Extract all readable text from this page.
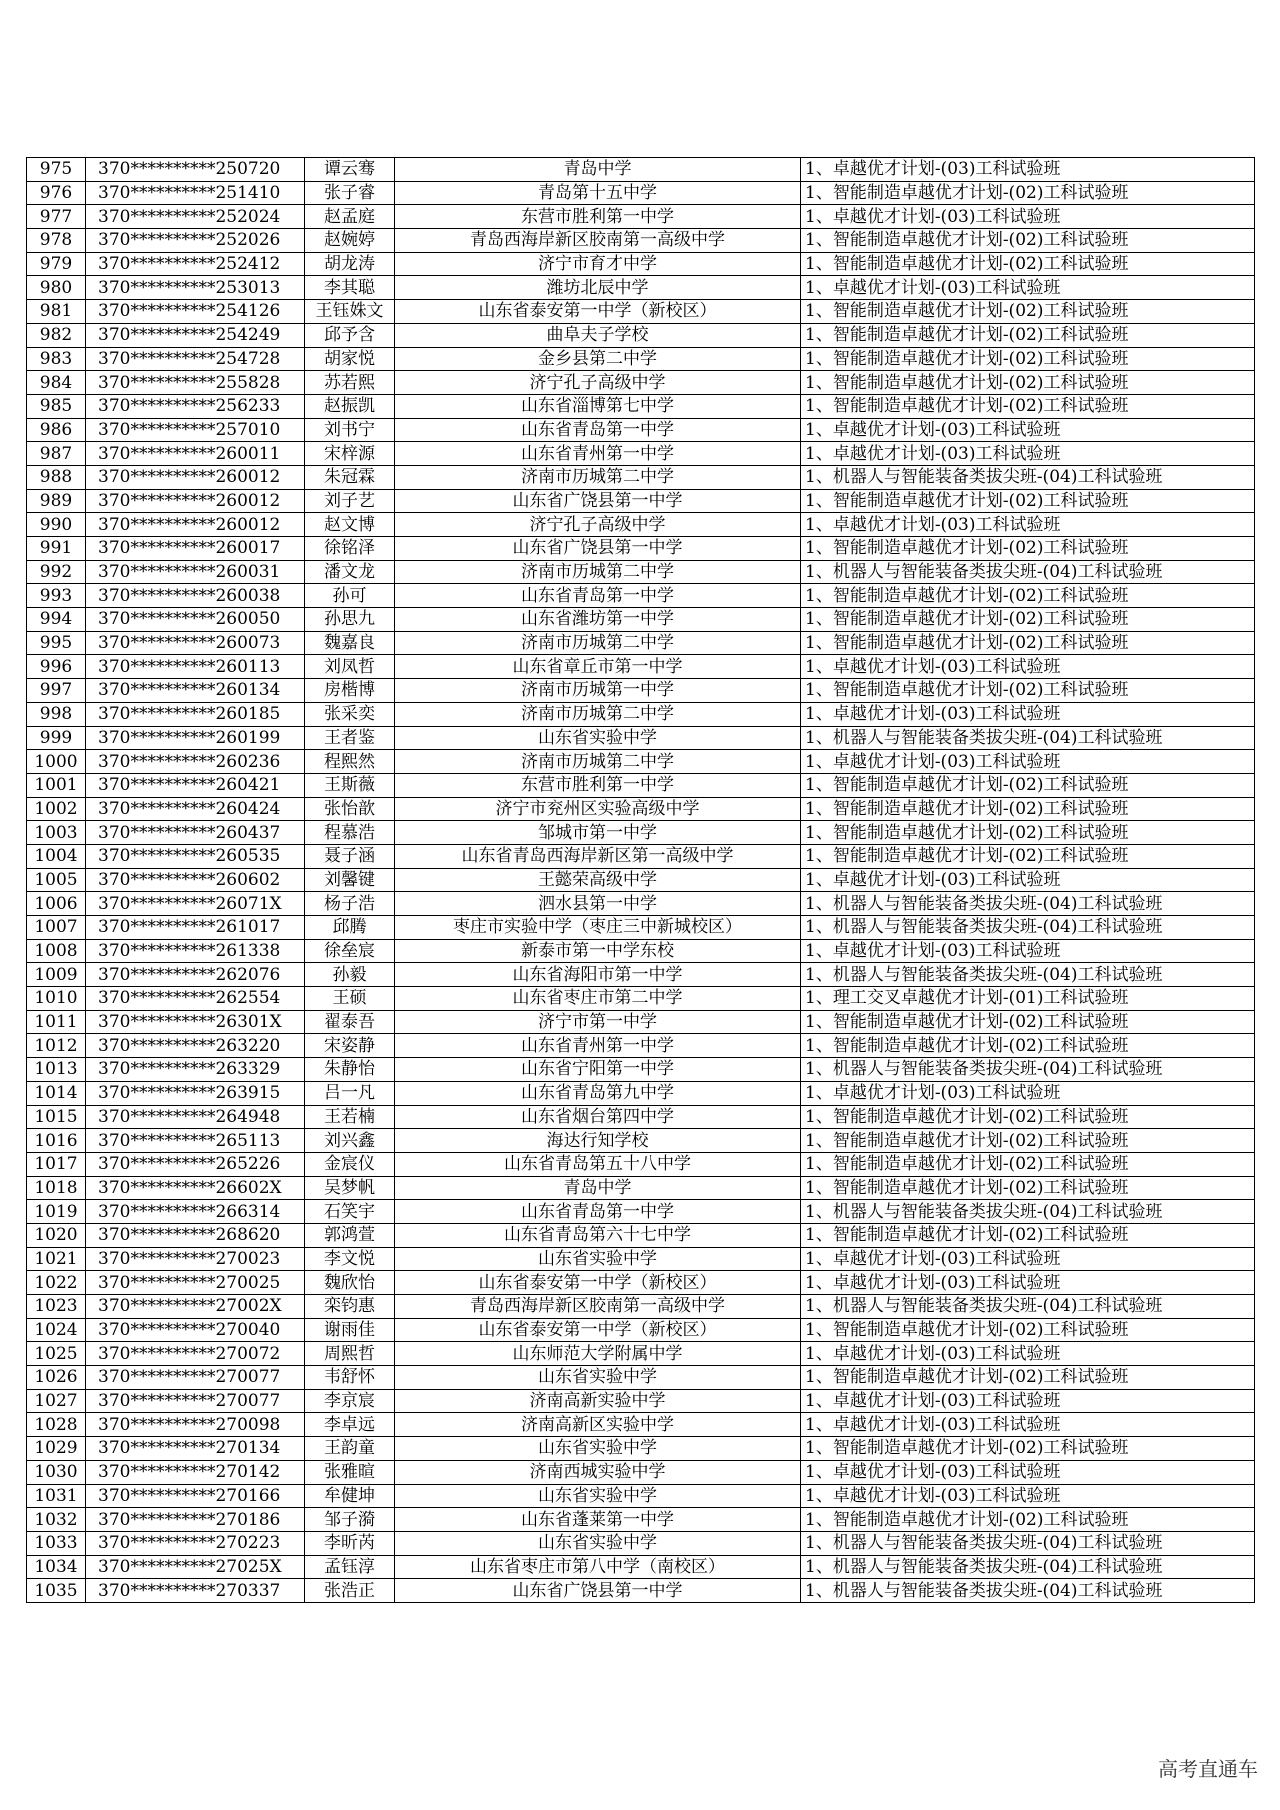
975	370**********250720	谭云骞	青岛中学	1、卓越优才计划-(03)工科试验班
976	370**********251410	张子睿	青岛第十五中学	1、智能制造卓越优才计划-(02)工科试验班
977	370**********252024	赵孟庭	东营市胜利第一中学	1、卓越优才计划-(03)工科试验班
978	370**********252026	赵婉婷	青岛西海岸新区胶南第一高级中学	1、智能制造卓越优才计划-(02)工科试验班
979	370**********252412	胡龙涛	济宁市育才中学	1、智能制造卓越优才计划-(02)工科试验班
980	370**********253013	李其聪	潍坊北辰中学	1、卓越优才计划-(03)工科试验班
981	370**********254126	王钰姝文	山东省泰安第一中学（新校区）	1、智能制造卓越优才计划-(02)工科试验班
982	370**********254249	邱予含	曲阜夫子学校	1、智能制造卓越优才计划-(02)工科试验班
983	370**********254728	胡家悦	金乡县第二中学	1、智能制造卓越优才计划-(02)工科试验班
984	370**********255828	苏若熙	济宁孔子高级中学	1、智能制造卓越优才计划-(02)工科试验班
985	370**********256233	赵振凯	山东省淄博第七中学	1、智能制造卓越优才计划-(02)工科试验班
986	370**********257010	刘书宁	山东省青岛第一中学	1、卓越优才计划-(03)工科试验班
987	370**********260011	宋梓源	山东省青州第一中学	1、卓越优才计划-(03)工科试验班
988	370**********260012	朱冠霖	济南市历城第二中学	1、机器人与智能装备类拔尖班-(04)工科试验班
989	370**********260012	刘子艺	山东省广饶县第一中学	1、智能制造卓越优才计划-(02)工科试验班
990	370**********260012	赵文博	济宁孔子高级中学	1、卓越优才计划-(03)工科试验班
991	370**********260017	徐铭泽	山东省广饶县第一中学	1、智能制造卓越优才计划-(02)工科试验班
992	370**********260031	潘文龙	济南市历城第二中学	1、机器人与智能装备类拔尖班-(04)工科试验班
993	370**********260038	孙可	山东省青岛第一中学	1、智能制造卓越优才计划-(02)工科试验班
994	370**********260050	孙思九	山东省潍坊第一中学	1、智能制造卓越优才计划-(02)工科试验班
995	370**********260073	魏嘉良	济南市历城第二中学	1、智能制造卓越优才计划-(02)工科试验班
996	370**********260113	刘凤哲	山东省章丘市第一中学	1、卓越优才计划-(03)工科试验班
997	370**********260134	房楷博	济南市历城第一中学	1、智能制造卓越优才计划-(02)工科试验班
998	370**********260185	张采奕	济南市历城第二中学	1、卓越优才计划-(03)工科试验班
999	370**********260199	王者鉴	山东省实验中学	1、机器人与智能装备类拔尖班-(04)工科试验班
1000	370**********260236	程熙然	济南市历城第二中学	1、卓越优才计划-(03)工科试验班
1001	370**********260421	王斯薇	东营市胜利第一中学	1、智能制造卓越优才计划-(02)工科试验班
1002	370**********260424	张怡歆	济宁市兖州区实验高级中学	1、智能制造卓越优才计划-(02)工科试验班
1003	370**********260437	程慕浩	邹城市第一中学	1、智能制造卓越优才计划-(02)工科试验班
1004	370**********260535	聂子涵	山东省青岛西海岸新区第一高级中学	1、智能制造卓越优才计划-(02)工科试验班
1005	370**********260602	刘馨键	王懿荣高级中学	1、卓越优才计划-(03)工科试验班
1006	370**********26071X	杨子浩	泗水县第一中学	1、机器人与智能装备类拔尖班-(04)工科试验班
1007	370**********261017	邱腾	枣庄市实验中学（枣庄三中新城校区）	1、机器人与智能装备类拔尖班-(04)工科试验班
1008	370**********261338	徐垒宸	新泰市第一中学东校	1、卓越优才计划-(03)工科试验班
1009	370**********262076	孙毅	山东省海阳市第一中学	1、机器人与智能装备类拔尖班-(04)工科试验班
1010	370**********262554	王硕	山东省枣庄市第二中学	1、理工交叉卓越优才计划-(01)工科试验班
1011	370**********26301X	翟泰吾	济宁市第一中学	1、智能制造卓越优才计划-(02)工科试验班
1012	370**********263220	宋姿静	山东省青州第一中学	1、智能制造卓越优才计划-(02)工科试验班
1013	370**********263329	朱静怡	山东省宁阳第一中学	1、机器人与智能装备类拔尖班-(04)工科试验班
1014	370**********263915	吕一凡	山东省青岛第九中学	1、卓越优才计划-(03)工科试验班
1015	370**********264948	王若楠	山东省烟台第四中学	1、智能制造卓越优才计划-(02)工科试验班
1016	370**********265113	刘兴鑫	海达行知学校	1、智能制造卓越优才计划-(02)工科试验班
1017	370**********265226	金宸仪	山东省青岛第五十八中学	1、智能制造卓越优才计划-(02)工科试验班
1018	370**********26602X	吴梦帆	青岛中学	1、智能制造卓越优才计划-(02)工科试验班
1019	370**********266314	石笑宇	山东省青岛第一中学	1、机器人与智能装备类拔尖班-(04)工科试验班
1020	370**********268620	郭鸿萱	山东省青岛第六十七中学	1、智能制造卓越优才计划-(02)工科试验班
1021	370**********270023	李文悦	山东省实验中学	1、卓越优才计划-(03)工科试验班
1022	370**********270025	魏欣怡	山东省泰安第一中学（新校区）	1、卓越优才计划-(03)工科试验班
1023	370**********27002X	栾钧惠	青岛西海岸新区胶南第一高级中学	1、机器人与智能装备类拔尖班-(04)工科试验班
1024	370**********270040	谢雨佳	山东省泰安第一中学（新校区）	1、智能制造卓越优才计划-(02)工科试验班
1025	370**********270072	周熙哲	山东师范大学附属中学	1、卓越优才计划-(03)工科试验班
1026	370**********270077	韦舒怀	山东省实验中学	1、智能制造卓越优才计划-(02)工科试验班
1027	370**********270077	李京宸	济南高新实验中学	1、卓越优才计划-(03)工科试验班
1028	370**********270098	李卓远	济南高新区实验中学	1、卓越优才计划-(03)工科试验班
1029	370**********270134	王韵童	山东省实验中学	1、智能制造卓越优才计划-(02)工科试验班
1030	370**********270142	张雅暄	济南西城实验中学	1、卓越优才计划-(03)工科试验班
1031	370**********270166	牟健坤	山东省实验中学	1、卓越优才计划-(03)工科试验班
1032	370**********270186	邹子漪	山东省蓬莱第一中学	1、智能制造卓越优才计划-(02)工科试验班
1033	370**********270223	李昕芮	山东省实验中学	1、机器人与智能装备类拔尖班-(04)工科试验班
1034	370**********27025X	孟钰淳	山东省枣庄市第八中学（南校区）	1、机器人与智能装备类拔尖班-(04)工科试验班
1035	370**********270337	张浩正	山东省广饶县第一中学	1、机器人与智能装备类拔尖班-(04)工科试验班
高考直通车
